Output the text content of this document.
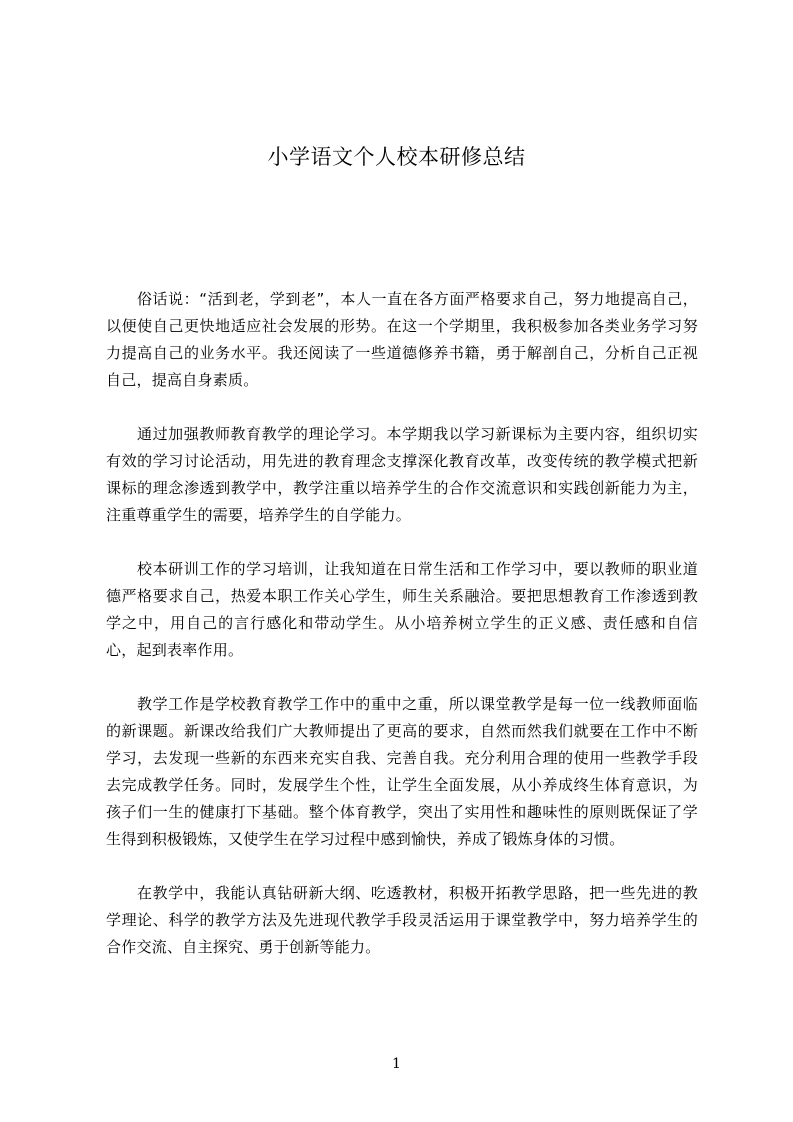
小学语文个人校本研修总结

俗话说：“活到老，学到老”，本人一直在各方面严格要求自己，努力地提高自己，以便使自己更快地适应社会发展的形势。在这一个学期里，我积极参加各类业务学习努力提高自己的业务水平。我还阅读了一些道德修养书籍，勇于解剖自己，分析自己正视自己，提高自身素质。

通过加强教师教育教学的理论学习。本学期我以学习新课标为主要内容，组织切实有效的学习讨论活动，用先进的教育理念支撑深化教育改革，改变传统的教学模式把新课标的理念渗透到教学中，教学注重以培养学生的合作交流意识和实践创新能力为主，注重尊重学生的需要，培养学生的自学能力。

校本研训工作的学习培训，让我知道在日常生活和工作学习中，要以教师的职业道德严格要求自己，热爱本职工作关心学生，师生关系融洽。要把思想教育工作渗透到教学之中，用自己的言行感化和带动学生。从小培养树立学生的正义感、责任感和自信心，起到表率作用。

教学工作是学校教育教学工作中的重中之重，所以课堂教学是每一位一线教师面临的新课题。新课改给我们广大教师提出了更高的要求，自然而然我们就要在工作中不断学习，去发现一些新的东西来充实自我、完善自我。充分利用合理的使用一些教学手段去完成教学任务。同时，发展学生个性，让学生全面发展，从小养成终生体育意识，为孩子们一生的健康打下基础。整个体育教学，突出了实用性和趣味性的原则既保证了学生得到积极锻炼，又使学生在学习过程中感到愉快，养成了锻炼身体的习惯。

在教学中，我能认真钻研新大纲、吃透教材，积极开拓教学思路，把一些先进的教学理论、科学的教学方法及先进现代教学手段灵活运用于课堂教学中，努力培养学生的合作交流、自主探究、勇于创新等能力。

1
